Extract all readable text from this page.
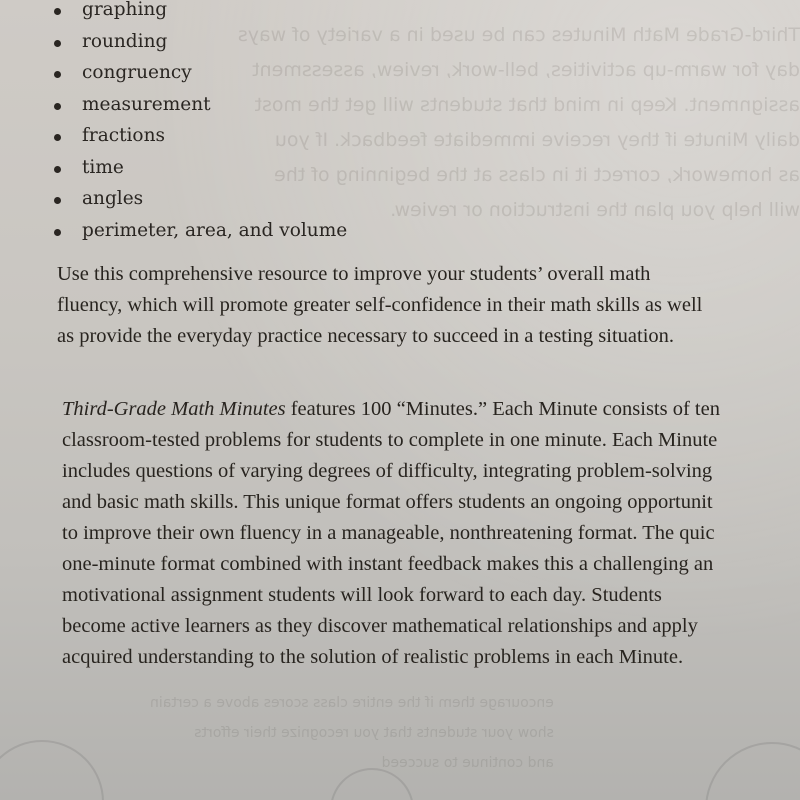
Third-Grade Math Minutes can be used in a variety of ways
day for warm-up activities, bell-work, review, assessment
assignment. Keep in mind that students will get the most
daily Minute if they receive immediate feedback. If you
as homework, correct it in class at the beginning of the
will help you plan the instruction or review.
encourage them if the entire class scores above a certain
show your students that you recognize their efforts
and continue to succeed
graphing
rounding
congruency
measurement
fractions
time
angles
perimeter, area, and volume
Use this comprehensive resource to improve your students’ overall math
fluency, which will promote greater self-confidence in their math skills as well
as provide the everyday practice necessary to succeed in a testing situation.
Third-Grade Math Minutes features 100 “Minutes.” Each Minute consists of ten
classroom-tested problems for students to complete in one minute. Each Minute
includes questions of varying degrees of difficulty, integrating problem-solving
and basic math skills. This unique format offers students an ongoing opportunit
to improve their own fluency in a manageable, nonthreatening format. The quic
one-minute format combined with instant feedback makes this a challenging an
motivational assignment students will look forward to each day. Students
become active learners as they discover mathematical relationships and apply
acquired understanding to the solution of realistic problems in each Minute.
